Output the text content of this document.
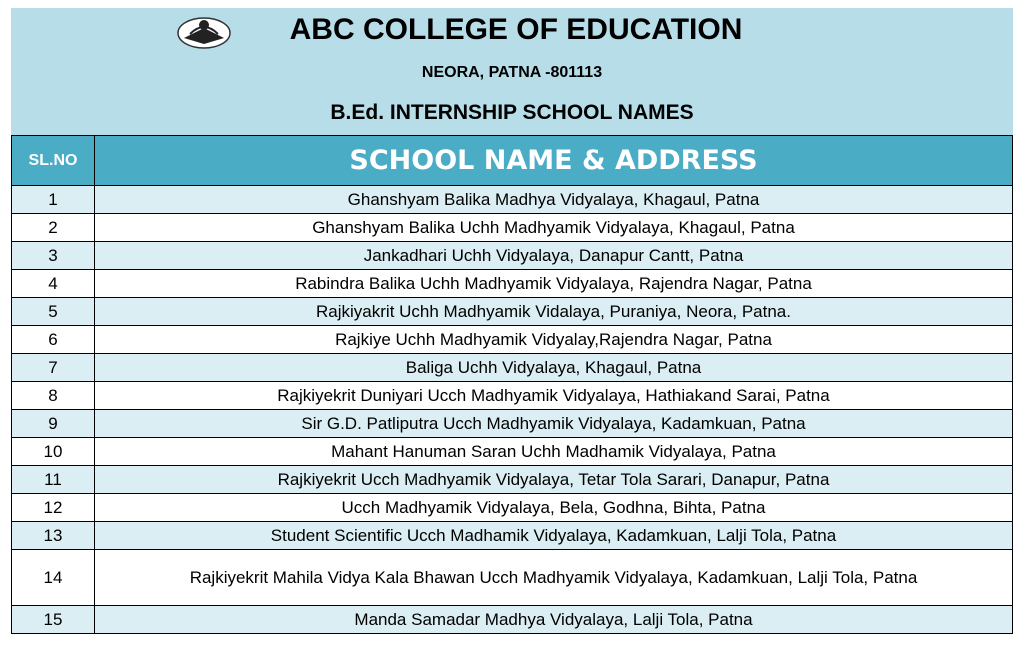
ABC COLLEGE OF EDUCATION
NEORA, PATNA -801113
B.Ed. INTERNSHIP SCHOOL NAMES
SL.NO	SCHOOL NAME & ADDRESS
1	Ghanshyam Balika Madhya Vidyalaya, Khagaul, Patna
2	Ghanshyam Balika Uchh Madhyamik Vidyalaya, Khagaul, Patna
3	Jankadhari Uchh Vidyalaya, Danapur Cantt, Patna
4	Rabindra Balika Uchh Madhyamik Vidyalaya, Rajendra Nagar, Patna
5	Rajkiyakrit Uchh Madhyamik Vidalaya, Puraniya, Neora, Patna.
6	Rajkiye Uchh Madhyamik Vidyalay,Rajendra Nagar, Patna
7	Baliga Uchh Vidyalaya, Khagaul, Patna
8	Rajkiyekrit Duniyari Ucch Madhyamik Vidyalaya, Hathiakand Sarai, Patna
9	Sir G.D. Patliputra Ucch Madhyamik Vidyalaya, Kadamkuan, Patna
10	Mahant Hanuman Saran Uchh Madhamik Vidyalaya, Patna
11	Rajkiyekrit Ucch Madhyamik Vidyalaya, Tetar Tola Sarari, Danapur, Patna
12	Ucch Madhyamik Vidyalaya, Bela, Godhna, Bihta, Patna
13	Student Scientific Ucch Madhamik Vidyalaya, Kadamkuan, Lalji Tola, Patna
14	Rajkiyekrit Mahila Vidya Kala Bhawan Ucch Madhyamik Vidyalaya, Kadamkuan, Lalji Tola, Patna
15	Manda Samadar Madhya Vidyalaya, Lalji Tola, Patna
